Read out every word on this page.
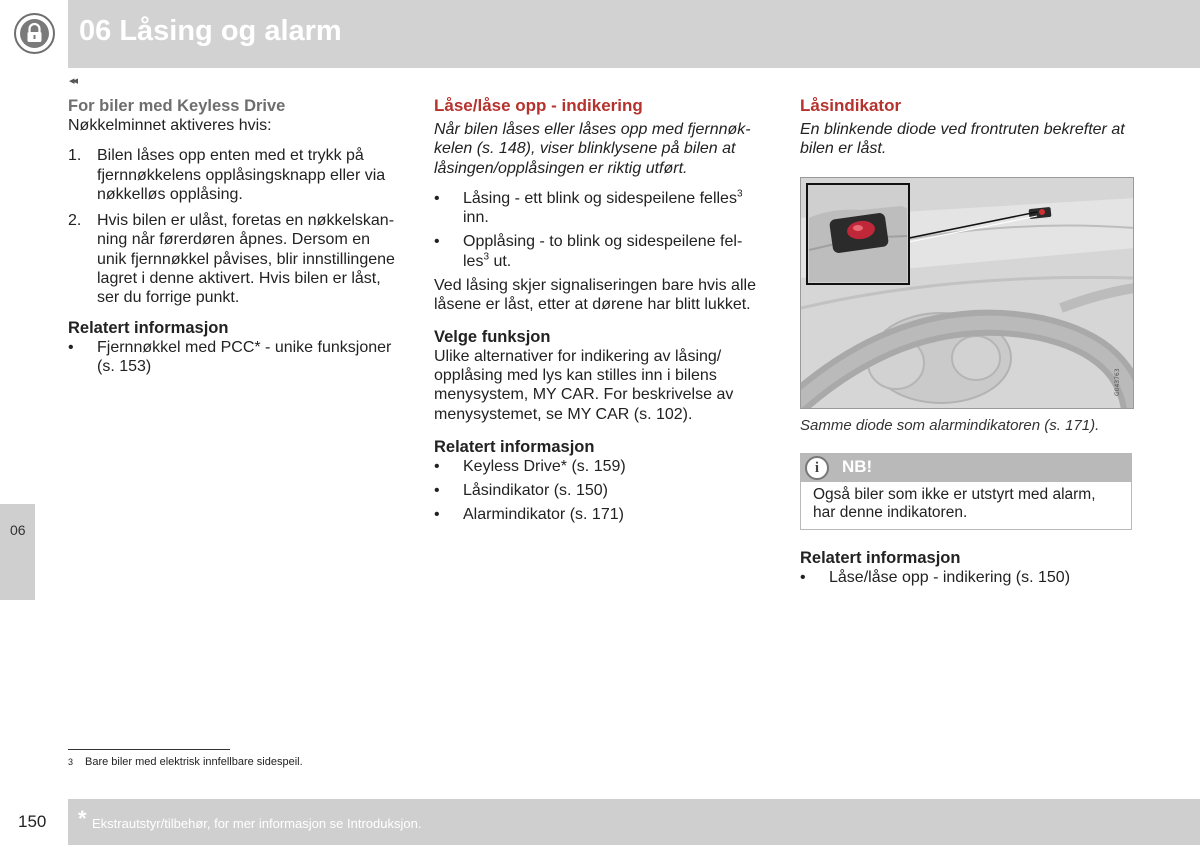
06 Låsing og alarm
◂◂
06
For biler med Keyless Drive
Nøkkelminnet aktiveres hvis:
1. Bilen låses opp enten med et trykk på fjernnøkkelens opplåsingsknapp eller via nøkkelløs opplåsing.
2. Hvis bilen er ulåst, foretas en nøkkelskan-ning når førerdøren åpnes. Dersom en unik fjernnøkkel påvises, blir innstillingene lagret i denne aktivert. Hvis bilen er låst, ser du forrige punkt.
Relatert informasjon
• Fjernnøkkel med PCC* - unike funksjoner (s. 153)
Låse/låse opp - indikering
Når bilen låses eller låses opp med fjernnøk-kelen (s. 148), viser blinklysene på bilen at låsingen/opplåsingen er riktig utført.
• Låsing - ett blink og sidespeilene felles$^3$ inn.
• Opplåsing - to blink og sidespeilene fel-les$^3$ ut.
Ved låsing skjer signaliseringen bare hvis alle låsene er låst, etter at dørene har blitt lukket.
Velge funksjon
Ulike alternativer for indikering av låsing/ opplåsing med lys kan stilles inn i bilens menysystem, MY CAR. For beskrivelse av menysystemet, se MY CAR (s. 102).
Relatert informasjon
• Keyless Drive* (s. 159)
• Låsindikator (s. 150)
• Alarmindikator (s. 171)
Låsindikator
En blinkende diode ved frontruten bekrefter at bilen er låst.
G043763
Samme diode som alarmindikatoren (s. 171).
i	NB!
Også biler som ikke er utstyrt med alarm, har denne indikatoren.
Relatert informasjon
• Låse/låse opp - indikering (s. 150)
3 Bare biler med elektrisk innfellbare sidespeil.
150 * Ekstrautstyr/tilbehør, for mer informasjon se Introduksjon.
